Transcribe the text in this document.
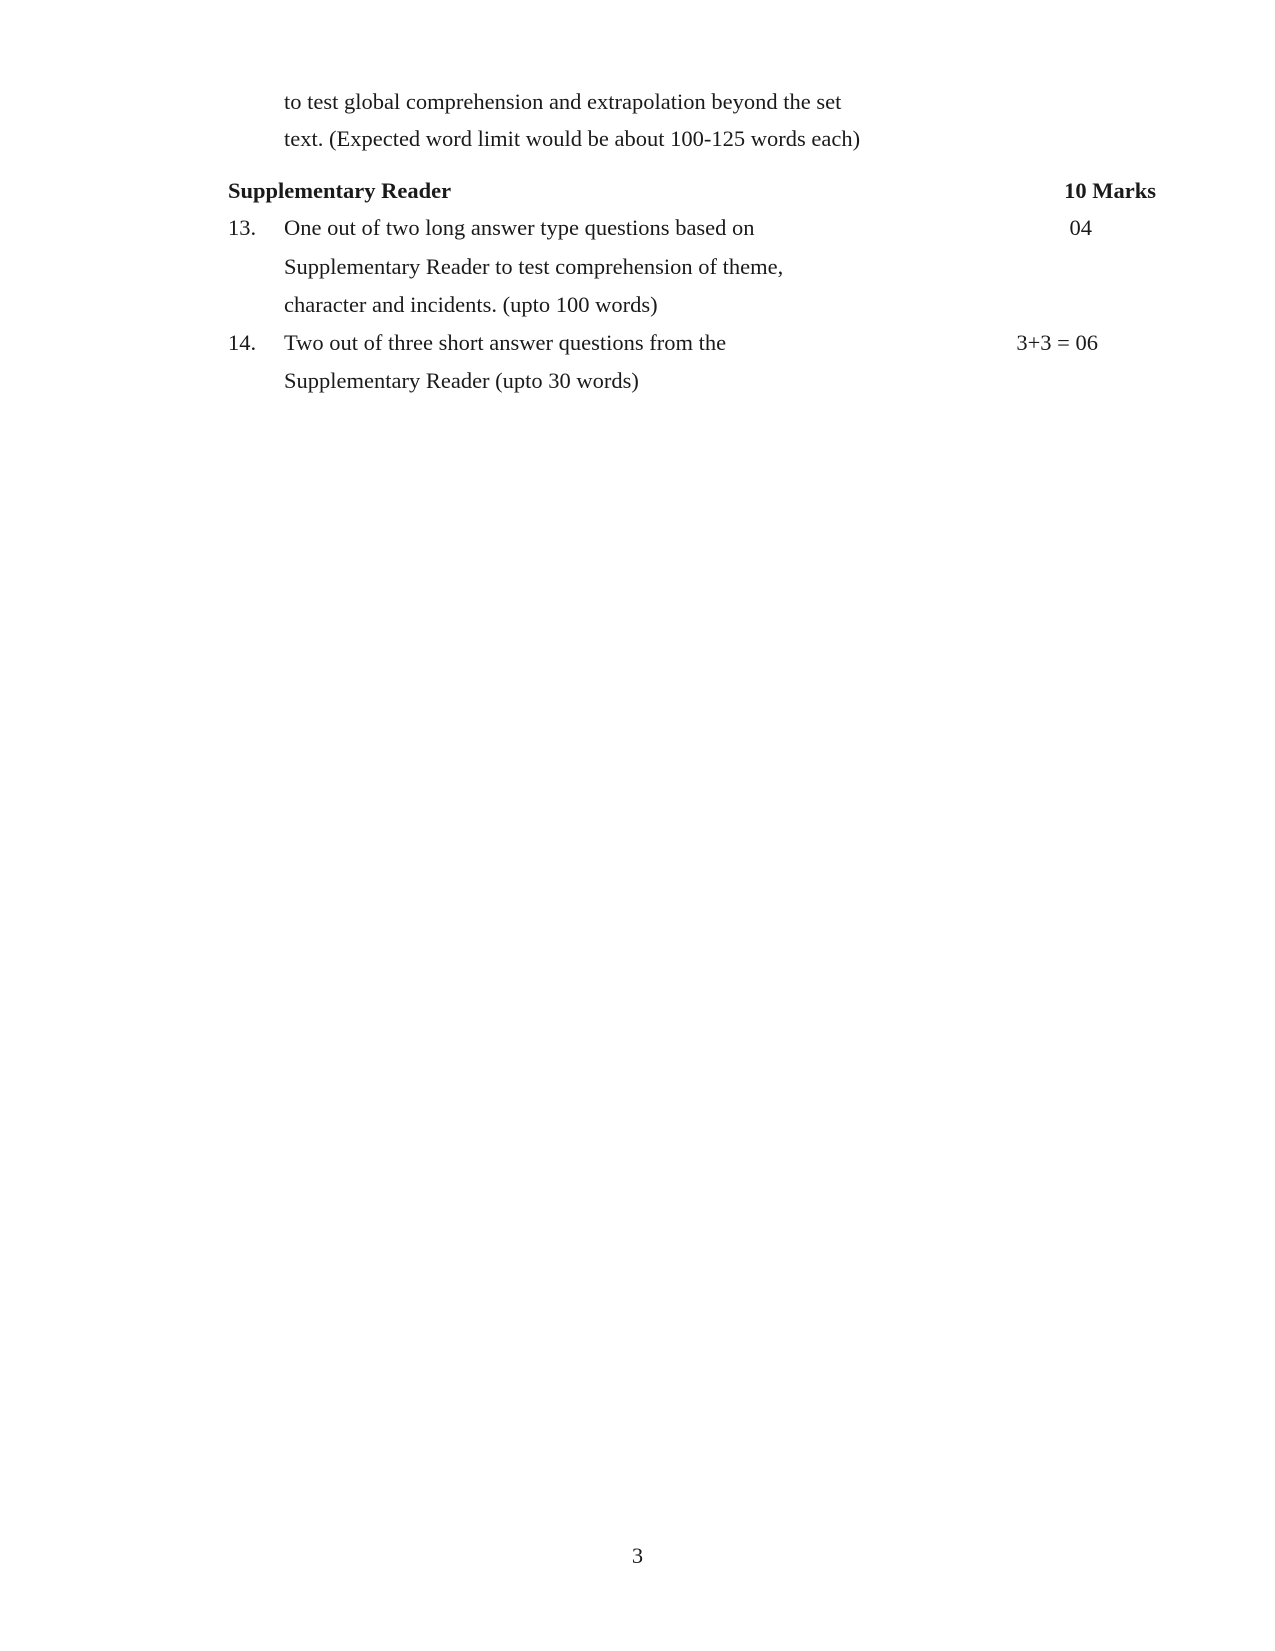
to test global comprehension and extrapolation beyond the set
text. (Expected word limit would be about 100-125 words each)
Supplementary Reader	10 Marks
13. One out of two long answer type questions based on	04
Supplementary Reader to test comprehension of theme,
character and incidents. (upto 100 words)
14. Two out of three short answer questions from the	3+3 = 06
Supplementary Reader (upto 30 words)
3
